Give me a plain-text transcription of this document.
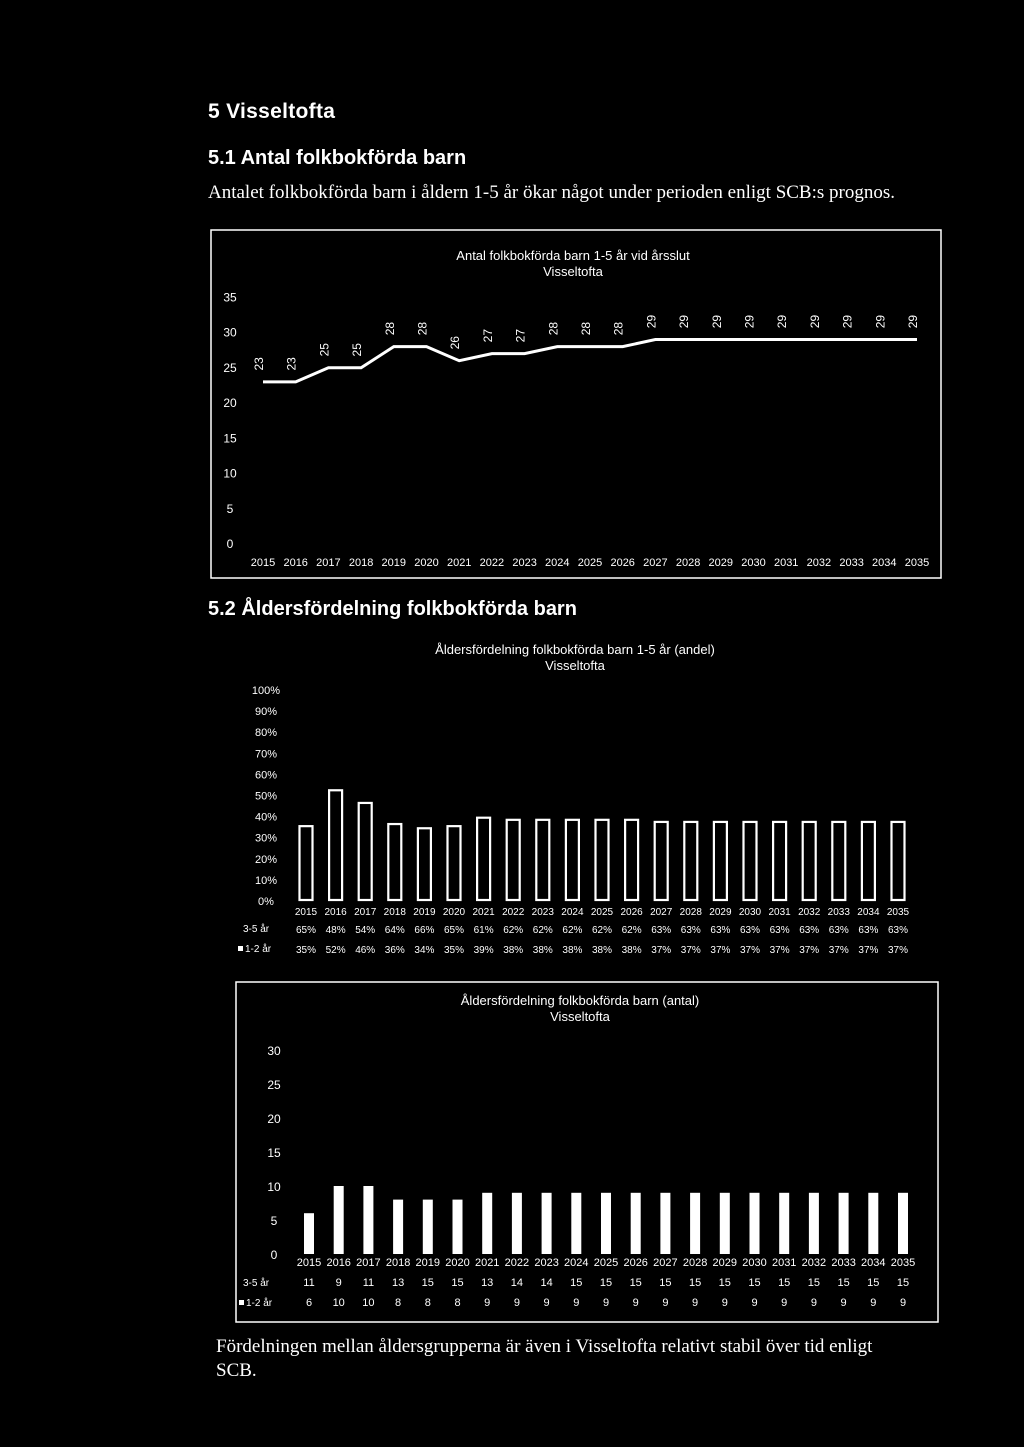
5 Visseltofta
5.1 Antal folkbokförda barn
Antalet folkbokförda barn i åldern 1-5 år ökar något under perioden enligt SCB:s prognos.
Antal folkbokförda barn 1-5 år vid årsslut
Visseltofta
0
5
10
15
20
25
30
35
2015 2016 2017 2018 2019 2020 2021 2022 2023 2024 2025 2026 2027 2028 2029 2030 2031 2032 2033 2034 2035
23 23
25 25
28 28
26
27 27
28 28 28
29 29 29 29 29 29 29 29 29
5.2 Åldersfördelning folkbokförda barn
Åldersfördelning folkbokförda barn 1-5 år (andel)
Visseltofta
0%
10%
20%
30%
40%
50%
60%
70%
80%
90%
100%
2015 2016 2017 2018 2019 2020 2021 2022 2023 2024 2025 2026 2027 2028 2029 2030 2031 2032 2033 2034 2035
3-5 år
1-2 år
65% 48% 54% 64% 66% 65% 61% 62% 62% 62% 62% 62% 63% 63% 63% 63% 63% 63% 63% 63% 63%
35% 52% 46% 36% 34% 35% 39% 38% 38% 38% 38% 38% 37% 37% 37% 37% 37% 37% 37% 37% 37%
Åldersfördelning folkbokförda barn (antal)
Visseltofta
0
5
10
15
20
25
30
2015 2016 2017 2018 2019 2020 2021 2022 2023 2024 2025 2026 2027 2028 2029 2030 2031 2032 2033 2034 2035
3-5 år
1-2 år
11 9 11 13 15 15 13 14 14 15 15 15 15 15 15 15 15 15 15 15 15
6 10 10 8 8 8 9 9 9 9 9 9 9 9 9 9 9 9 9 9 9
Fördelningen mellan åldersgrupperna är även i Visseltofta relativt stabil över tid enligt SCB.
